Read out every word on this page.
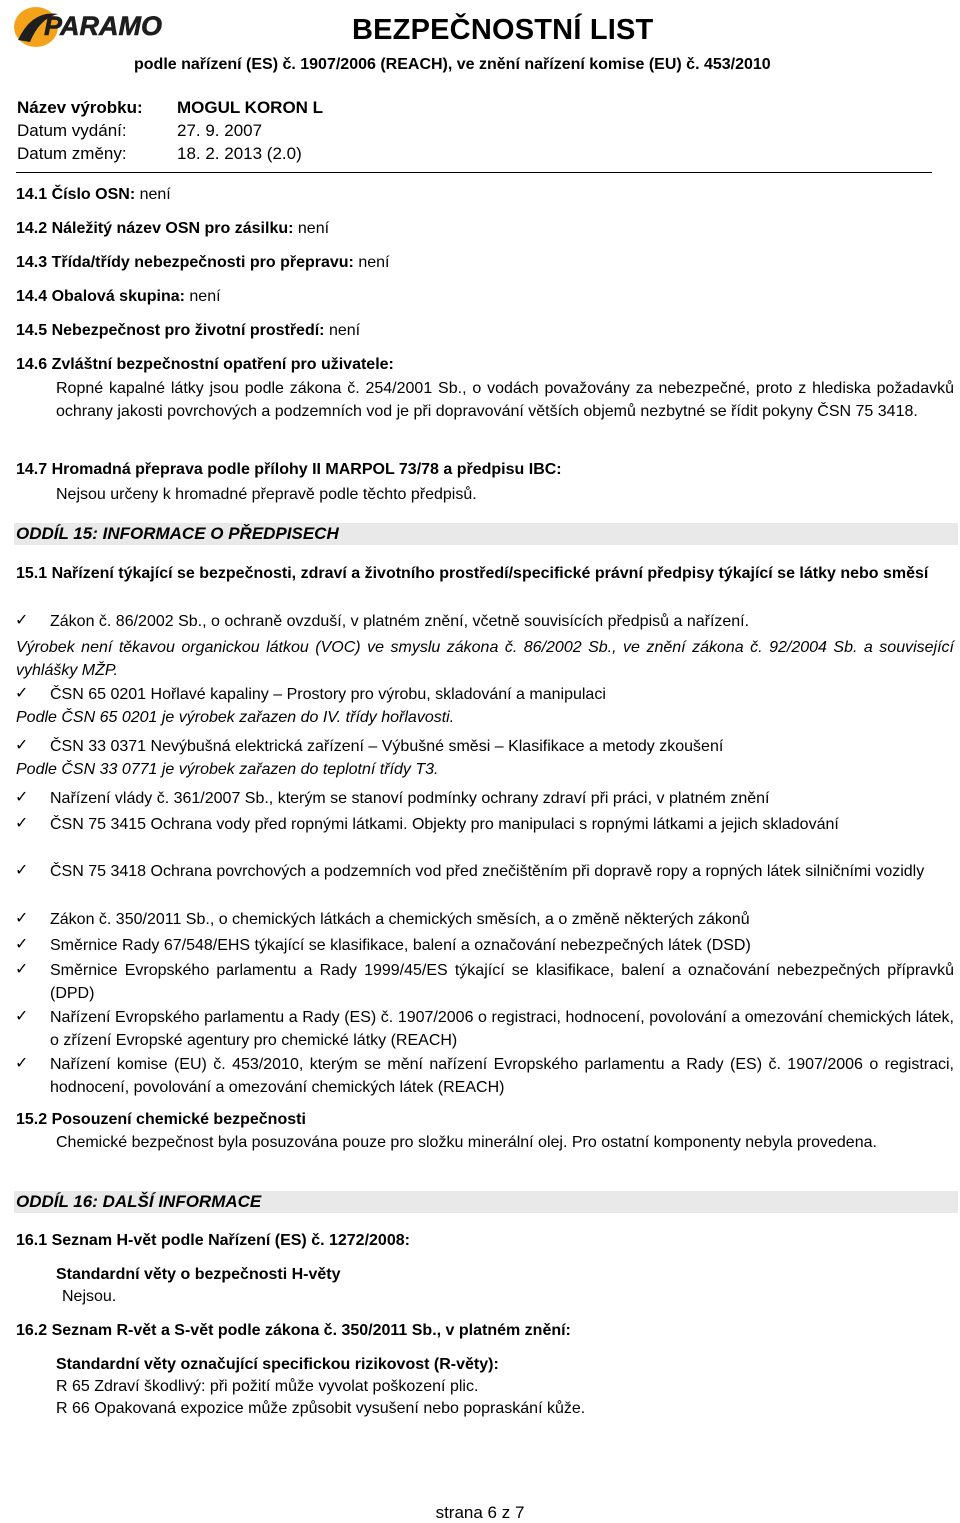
PARAMO	BEZPEČNOSTNÍ LIST
podle nařízení (ES) č. 1907/2006 (REACH), ve znění nařízení komise (EU) č. 453/2010
Název výrobku: MOGUL KORON L
Datum vydání:	27. 9. 2007
Datum změny:	18. 2. 2013 (2.0)
14.1 Číslo OSN: není
14.2 Náležitý název OSN pro zásilku: není
14.3 Třída/třídy nebezpečnosti pro přepravu: není
14.4 Obalová skupina: není
14.5 Nebezpečnost pro životní prostředí: není
14.6 Zvláštní bezpečnostní opatření pro uživatele:
Ropné kapalné látky jsou podle zákona č. 254/2001 Sb., o vodách považovány za nebezpečné, proto z hlediska požadavků ochrany jakosti povrchových a podzemních vod je při dopravování větších objemů nezbytné se řídit pokyny ČSN 75 3418.
14.7 Hromadná přeprava podle přílohy II MARPOL 73/78 a předpisu IBC:
Nejsou určeny k hromadné přepravě podle těchto předpisů.
ODDÍL 15: INFORMACE O PŘEDPISECH
15.1 Nařízení týkající se bezpečnosti, zdraví a životního prostředí/specifické právní předpisy týkající se látky nebo směsí
✓	Zákon č. 86/2002 Sb., o ochraně ovzduší, v platném znění, včetně souvisících předpisů a nařízení.
Výrobek není těkavou organickou látkou (VOC) ve smyslu zákona č. 86/2002 Sb., ve znění zákona č. 92/2004 Sb. a související vyhlášky MŽP.
✓	ČSN 65 0201 Hořlavé kapaliny – Prostory pro výrobu, skladování a manipulaci
Podle ČSN 65 0201 je výrobek zařazen do IV. třídy hořlavosti.
✓	ČSN 33 0371 Nevýbušná elektrická zařízení – Výbušné směsi – Klasifikace a metody zkoušení
Podle ČSN 33 0771 je výrobek zařazen do teplotní třídy T3.
✓	Nařízení vlády č. 361/2007 Sb., kterým se stanoví podmínky ochrany zdraví při práci, v platném znění
✓	ČSN 75 3415 Ochrana vody před ropnými látkami. Objekty pro manipulaci s ropnými látkami a jejich skladování
✓	ČSN 75 3418 Ochrana povrchových a podzemních vod před znečištěním při dopravě ropy a ropných látek silničními vozidly
✓	Zákon č. 350/2011 Sb., o chemických látkách a chemických směsích, a o změně některých zákonů
✓	Směrnice Rady 67/548/EHS týkající se klasifikace, balení a označování nebezpečných látek (DSD)
✓	Směrnice Evropského parlamentu a Rady 1999/45/ES týkající se klasifikace, balení a označování nebezpečných přípravků (DPD)
✓	Nařízení Evropského parlamentu a Rady (ES) č. 1907/2006 o registraci, hodnocení, povolování a omezování chemických látek, o zřízení Evropské agentury pro chemické látky (REACH)
✓	Nařízení komise (EU) č. 453/2010, kterým se mění nařízení Evropského parlamentu a Rady (ES) č. 1907/2006 o registraci, hodnocení, povolování a omezování chemických látek (REACH)
15.2 Posouzení chemické bezpečnosti
Chemické bezpečnost byla posuzována pouze pro složku minerální olej. Pro ostatní komponenty nebyla provedena.
ODDÍL 16: DALŠÍ INFORMACE
16.1 Seznam H-vět podle Nařízení (ES) č. 1272/2008:
Standardní věty o bezpečnosti H-věty
Nejsou.
16.2 Seznam R-vět a S-vět podle zákona č. 350/2011 Sb., v platném znění:
Standardní věty označující specifickou rizikovost (R-věty):
R 65 Zdraví škodlivý: při požití může vyvolat poškození plic.
R 66 Opakovaná expozice může způsobit vysušení nebo popraskání kůže.
strana 6 z 7
